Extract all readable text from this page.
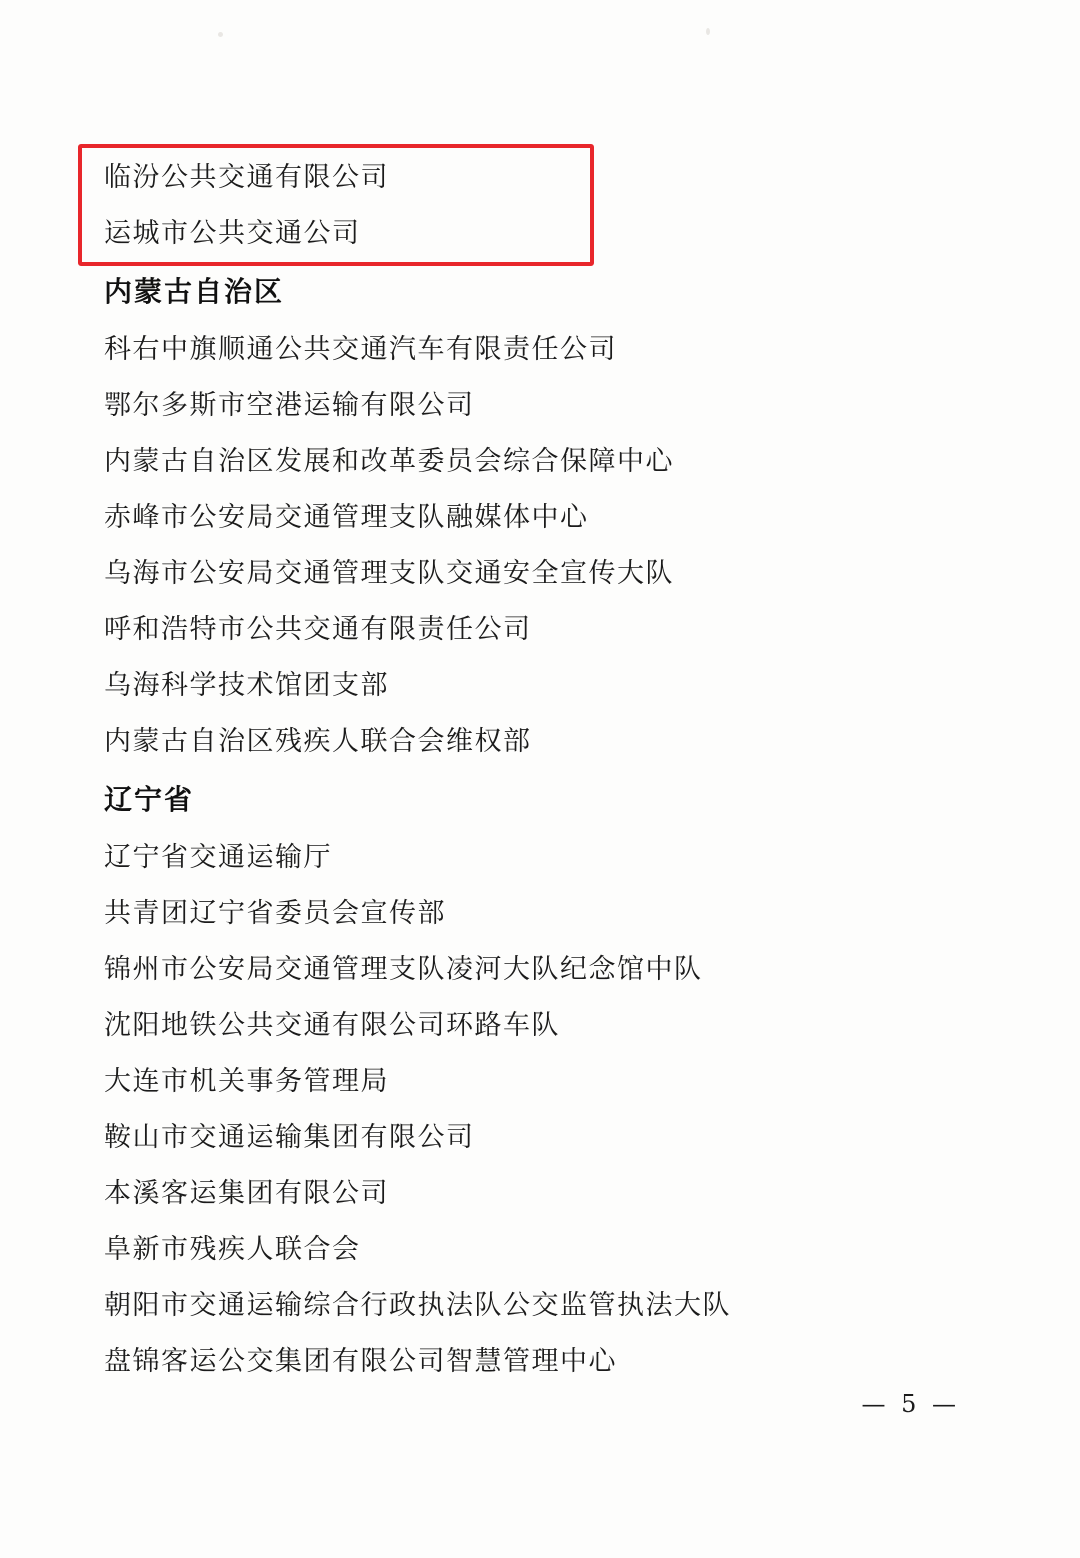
临汾公共交通有限公司
运城市公共交通公司
内蒙古自治区
科右中旗顺通公共交通汽车有限责任公司
鄂尔多斯市空港运输有限公司
内蒙古自治区发展和改革委员会综合保障中心
赤峰市公安局交通管理支队融媒体中心
乌海市公安局交通管理支队交通安全宣传大队
呼和浩特市公共交通有限责任公司
乌海科学技术馆团支部
内蒙古自治区残疾人联合会维权部
辽宁省
辽宁省交通运输厅
共青团辽宁省委员会宣传部
锦州市公安局交通管理支队凌河大队纪念馆中队
沈阳地铁公共交通有限公司环路车队
大连市机关事务管理局
鞍山市交通运输集团有限公司
本溪客运集团有限公司
阜新市残疾人联合会
朝阳市交通运输综合行政执法队公交监管执法大队
盘锦客运公交集团有限公司智慧管理中心
— 5 —
